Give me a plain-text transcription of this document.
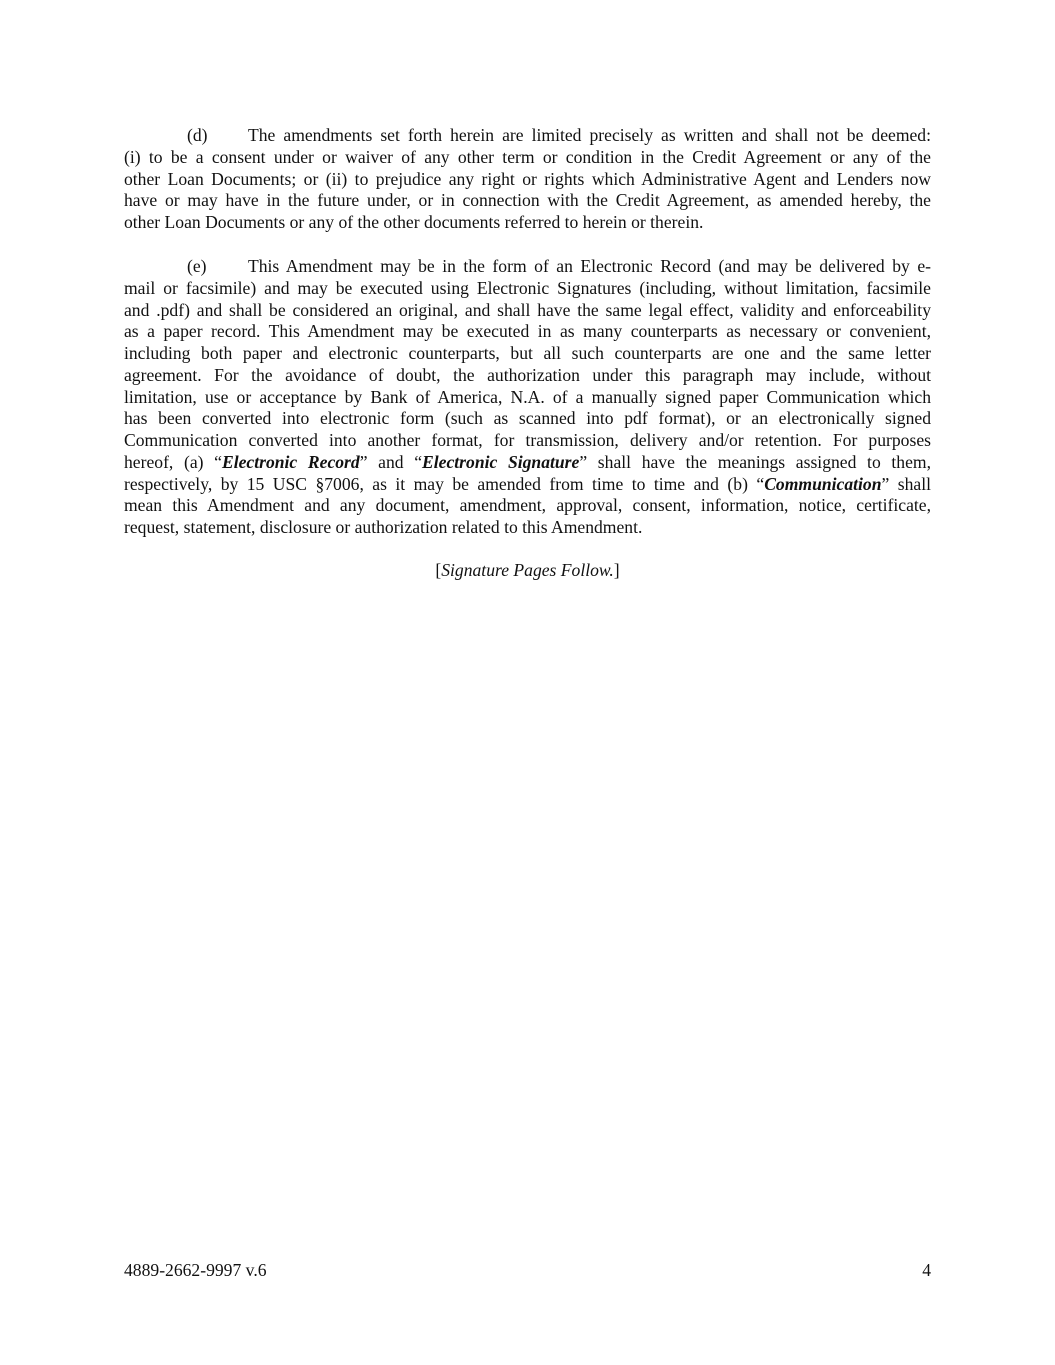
(d)	The amendments set forth herein are limited precisely as written and shall not be deemed:
(i) to be a consent under or waiver of any other term or condition in the Credit Agreement or any of the
other Loan Documents; or (ii) to prejudice any right or rights which Administrative Agent and Lenders now
have or may have in the future under, or in connection with the Credit Agreement, as amended hereby, the
other Loan Documents or any of the other documents referred to herein or therein.
(e)	This Amendment may be in the form of an Electronic Record (and may be delivered by e-
mail or facsimile) and may be executed using Electronic Signatures (including, without limitation, facsimile
and .pdf) and shall be considered an original, and shall have the same legal effect, validity and enforceability
as a paper record. This Amendment may be executed in as many counterparts as necessary or convenient,
including both paper and electronic counterparts, but all such counterparts are one and the same letter
agreement. For the avoidance of doubt, the authorization under this paragraph may include, without
limitation, use or acceptance by Bank of America, N.A. of a manually signed paper Communication which
has been converted into electronic form (such as scanned into pdf format), or an electronically signed
Communication converted into another format, for transmission, delivery and/or retention. For purposes
hereof, (a) “Electronic Record” and “Electronic Signature” shall have the meanings assigned to them,
respectively, by 15 USC §7006, as it may be amended from time to time and (b) “Communication” shall
mean this Amendment and any document, amendment, approval, consent, information, notice, certificate,
request, statement, disclosure or authorization related to this Amendment.
[Signature Pages Follow.]
4889-2662-9997 v.6	4
